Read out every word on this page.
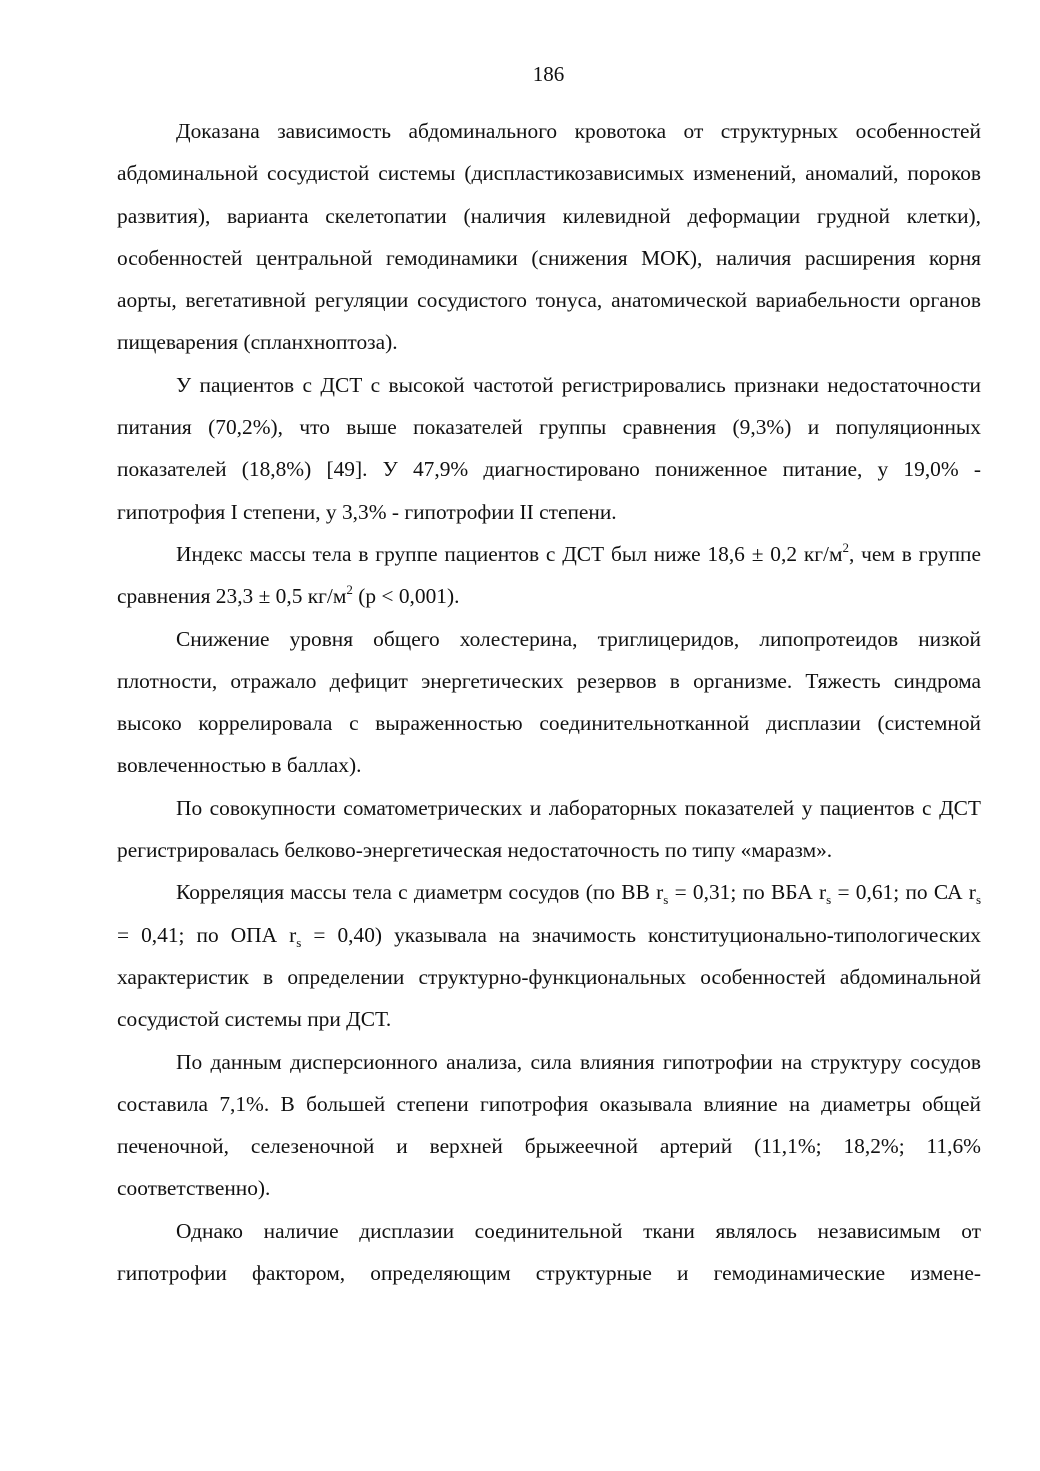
186

Доказана зависимость абдоминального кровотока от структурных особенностей абдоминальной сосудистой системы (диспластикозависимых изменений, аномалий, пороков развития), варианта скелетопатии (наличия килевидной деформации грудной клетки), особенностей центральной гемодинамики (снижения МОК), наличия расширения корня аорты, вегетативной регуляции сосудистого тонуса, анатомической вариабельности органов пищеварения (спланхноптоза).

У пациентов с ДСТ с высокой частотой регистрировались признаки недостаточности питания (70,2%), что выше показателей группы сравнения (9,3%) и популяционных показателей (18,8%) [49]. У 47,9% диагностировано пониженное питание, у 19,0% - гипотрофия I степени, у 3,3% - гипотрофии II степени.

Индекс массы тела в группе пациентов с ДСТ был ниже 18,6 ± 0,2 $кг/м^2$, чем в группе сравнения 23,3 ± 0,5 $кг/м^2$ (р < 0,001).

Снижение уровня общего холестерина, триглицеридов, липопротеидов низкой плотности, отражало дефицит энергетических резервов в организме. Тяжесть синдрома высоко коррелировала с выраженностью соединительнотканной дисплазии (системной вовлеченностью в баллах).

По совокупности соматометрических и лабораторных показателей у пациентов с ДСТ регистрировалась белково-энергетическая недостаточность по типу «маразм».

Корреляция массы тела с диаметрм сосудов (по ВВ $r_s = 0,31$; по ВБА $r_s = 0,61$; по СА $r_s = 0,41$; по ОПА $r_s = 0,40$) указывала на значимость конституционально-типологических характеристик в определении структурно-функциональных особенностей абдоминальной сосудистой системы при ДСТ.

По данным дисперсионного анализа, сила влияния гипотрофии на структуру сосудов составила 7,1%. В большей степени гипотрофия оказывала влияние на диаметры общей печеночной, селезеночной и верхней брыжеечной артерий (11,1%; 18,2%; 11,6% соответственно).

Однако наличие дисплазии соединительной ткани являлось независимым от гипотрофии фактором, определяющим структурные и гемодинамические измене-
